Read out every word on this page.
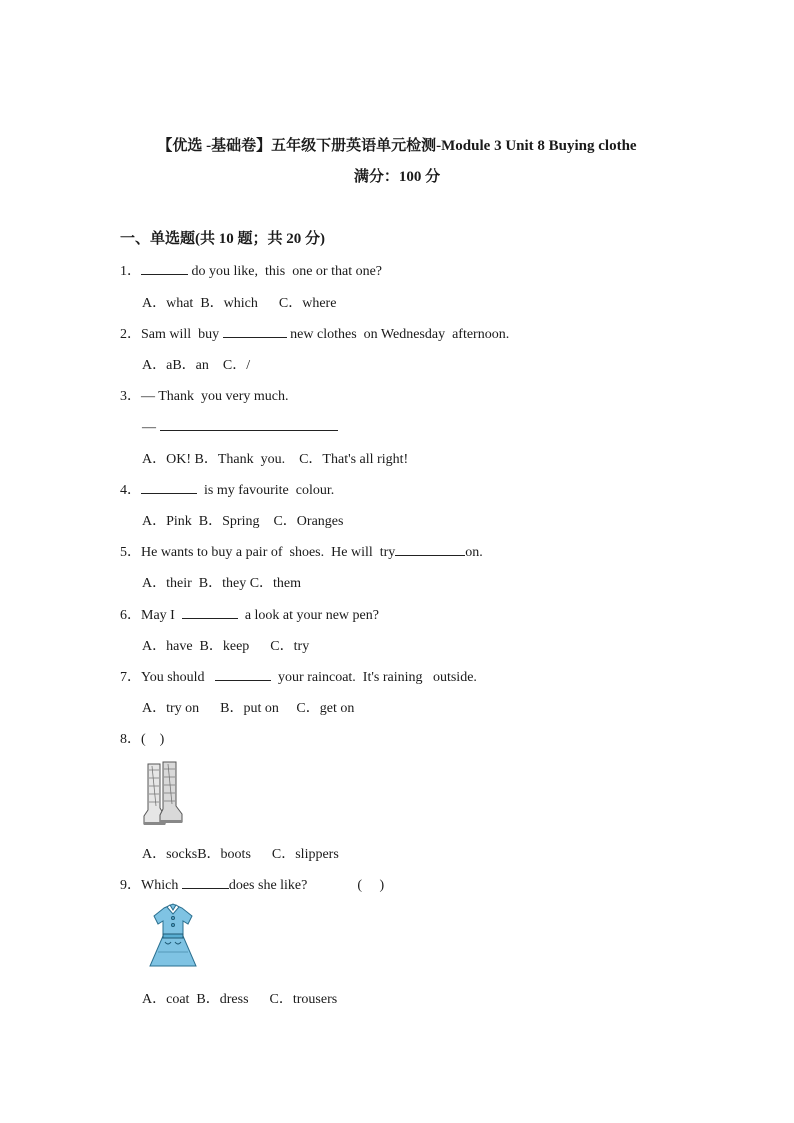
【优选 -基础卷】五年级下册英语单元检测-Module 3 Unit 8 Buying clothe
满分：100 分
一、单选题(共 10 题；共 20 分)
1．	do you like,  this  one or that one?
A．what  B．which      C．where
2．Sam will  buy	new clothes  on Wednesday  afternoon.
A．aB．an    C．/
3．— Thank  you very much.
—
A．OK! B．Thank  you.    C．That's all right!
4．	is my favourite  colour.
A．Pink  B．Spring    C．Oranges
5．He wants to buy a pair of  shoes.  He will  try	on.
A．their  B．they C．them
6．May I	a look at your new pen?
A．have  B．keep      C．try
7．You should	your raincoat.  It's raining   outside.
A．try on      B．put on     C．get on
8．(    )
A．socksB．boots      C．slippers
9．Which	does she like?	(     )
A．coat  B．dress      C．trousers
